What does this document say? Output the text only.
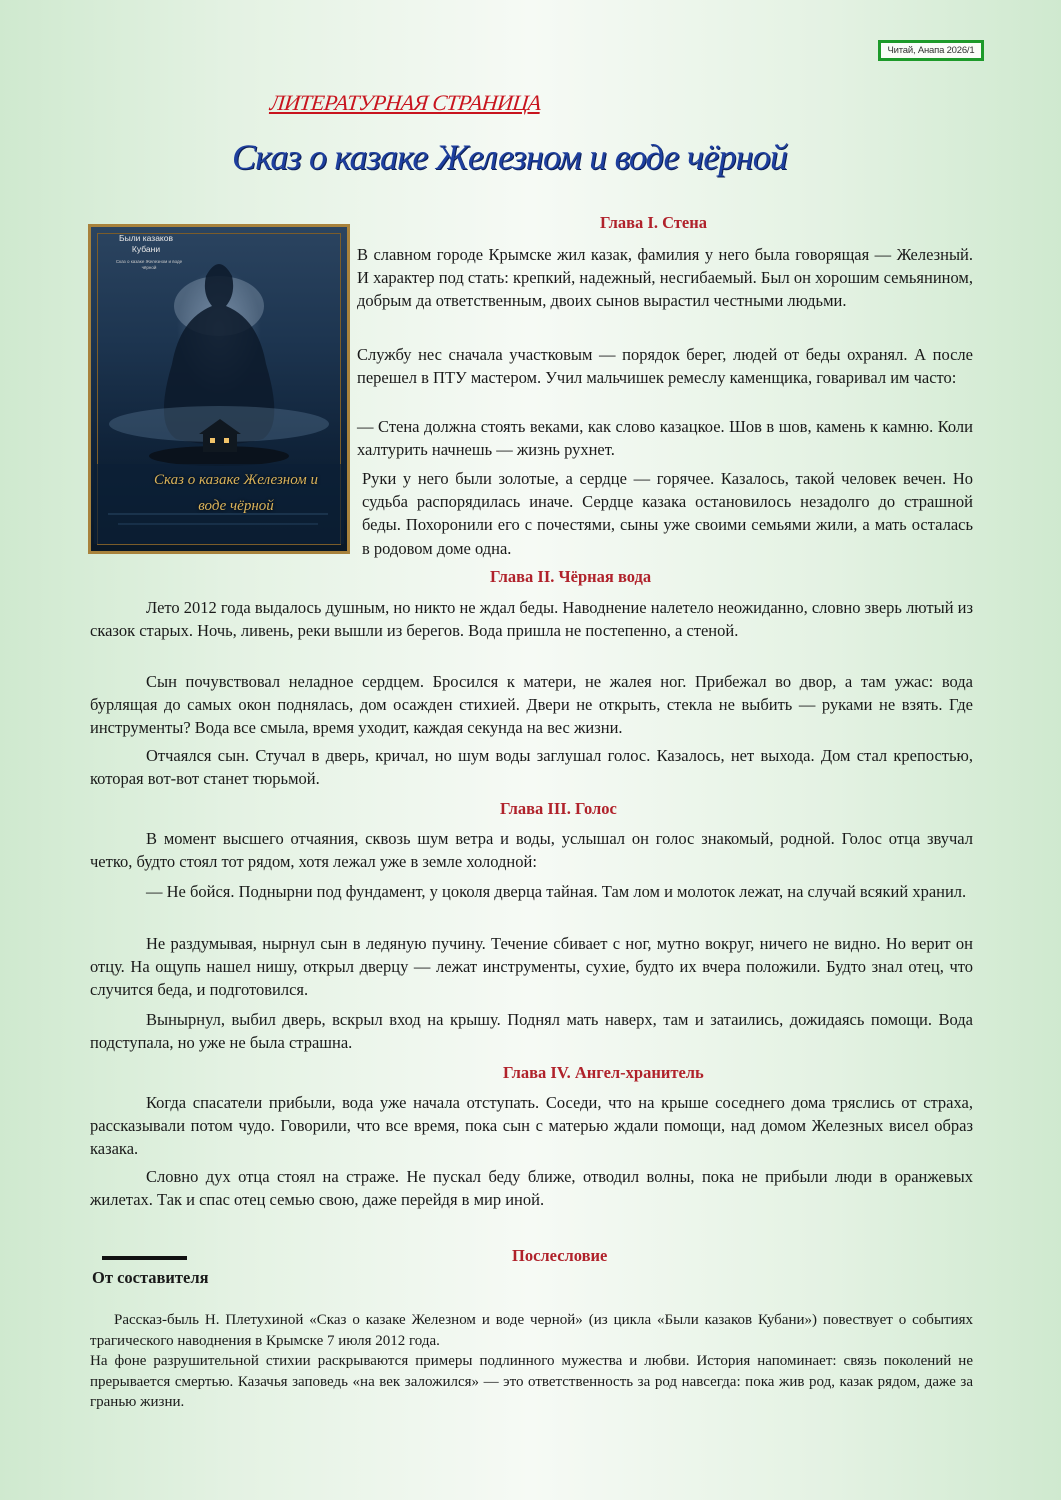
Читай, Анапа 2026/1
ЛИТЕРАТУРНАЯ СТРАНИЦА
Сказ о казаке Железном и воде чёрной
Были казаков Кубани
Сказ о казаке Железном и воде чёрной
Сказ о казаке Железном и воде чёрной
Глава I. Стена

В славном городе Крымске жил казак, фамилия у него была говорящая — Железный. И характер под стать: крепкий, надежный, несгибаемый. Был он хорошим семьянином, добрым да ответственным, двоих сынов вырастил честными людьми.

Службу нес сначала участковым — порядок берег, людей от беды охранял. А после перешел в ПТУ мастером. Учил мальчишек ремеслу каменщика, говаривал им часто:

— Стена должна стоять веками, как слово казацкое. Шов в шов, камень к камню. Коли халтурить начнешь — жизнь рухнет.

Руки у него были золотые, а сердце — горячее. Казалось, такой человек вечен. Но судьба распорядилась иначе. Сердце казака остановилось незадолго до страшной беды. Похоронили его с почестями, сыны уже своими семьями жили, а мать осталась в родовом доме одна.

Глава II. Чёрная вода

Лето 2012 года выдалось душным, но никто не ждал беды. Наводнение налетело неожиданно, словно зверь лютый из сказок старых. Ночь, ливень, реки вышли из берегов. Вода пришла не постепенно, а стеной.

Сын почувствовал неладное сердцем. Бросился к матери, не жалея ног. Прибежал во двор, а там ужас: вода бурлящая до самых окон поднялась, дом осажден стихией. Двери не открыть, стекла не выбить — руками не взять. Где инструменты? Вода все смыла, время уходит, каждая секунда на вес жизни.

Отчаялся сын. Стучал в дверь, кричал, но шум воды заглушал голос. Казалось, нет выхода. Дом стал крепостью, которая вот-вот станет тюрьмой.

Глава III. Голос

В момент высшего отчаяния, сквозь шум ветра и воды, услышал он голос знакомый, родной. Голос отца звучал четко, будто стоял тот рядом, хотя лежал уже в земле холодной:

— Не бойся. Поднырни под фундамент, у цоколя дверца тайная. Там лом и молоток лежат, на случай всякий хранил.

Не раздумывая, нырнул сын в ледяную пучину. Течение сбивает с ног, мутно вокруг, ничего не видно. Но верит он отцу. На ощупь нашел нишу, открыл дверцу — лежат инструменты, сухие, будто их вчера положили. Будто знал отец, что случится беда, и подготовился.

Вынырнул, выбил дверь, вскрыл вход на крышу. Поднял мать наверх, там и затаились, дожидаясь помощи. Вода подступала, но уже не была страшна.

Глава IV. Ангел-хранитель

Когда спасатели прибыли, вода уже начала отступать. Соседи, что на крыше соседнего дома тряслись от страха, рассказывали потом чудо. Говорили, что все время, пока сын с матерью ждали помощи, над домом Железных висел образ казака.

Словно дух отца стоял на страже. Не пускал беду ближе, отводил волны, пока не прибыли люди в оранжевых жилетах. Так и спас отец семью свою, даже перейдя в мир иной.

Послесловие
От составителя

Рассказ-быль Н. Плетухиной «Сказ о казаке Железном и воде черной» (из цикла «Были казаков Кубани») повествует о событиях трагического наводнения в Крымске 7 июля 2012 года.

На фоне разрушительной стихии раскрываются примеры подлинного мужества и любви. История напоминает: связь поколений не прерывается смертью. Казачья заповедь «на век заложился» — это ответственность за род навсегда: пока жив род, казак рядом, даже за гранью жизни.
